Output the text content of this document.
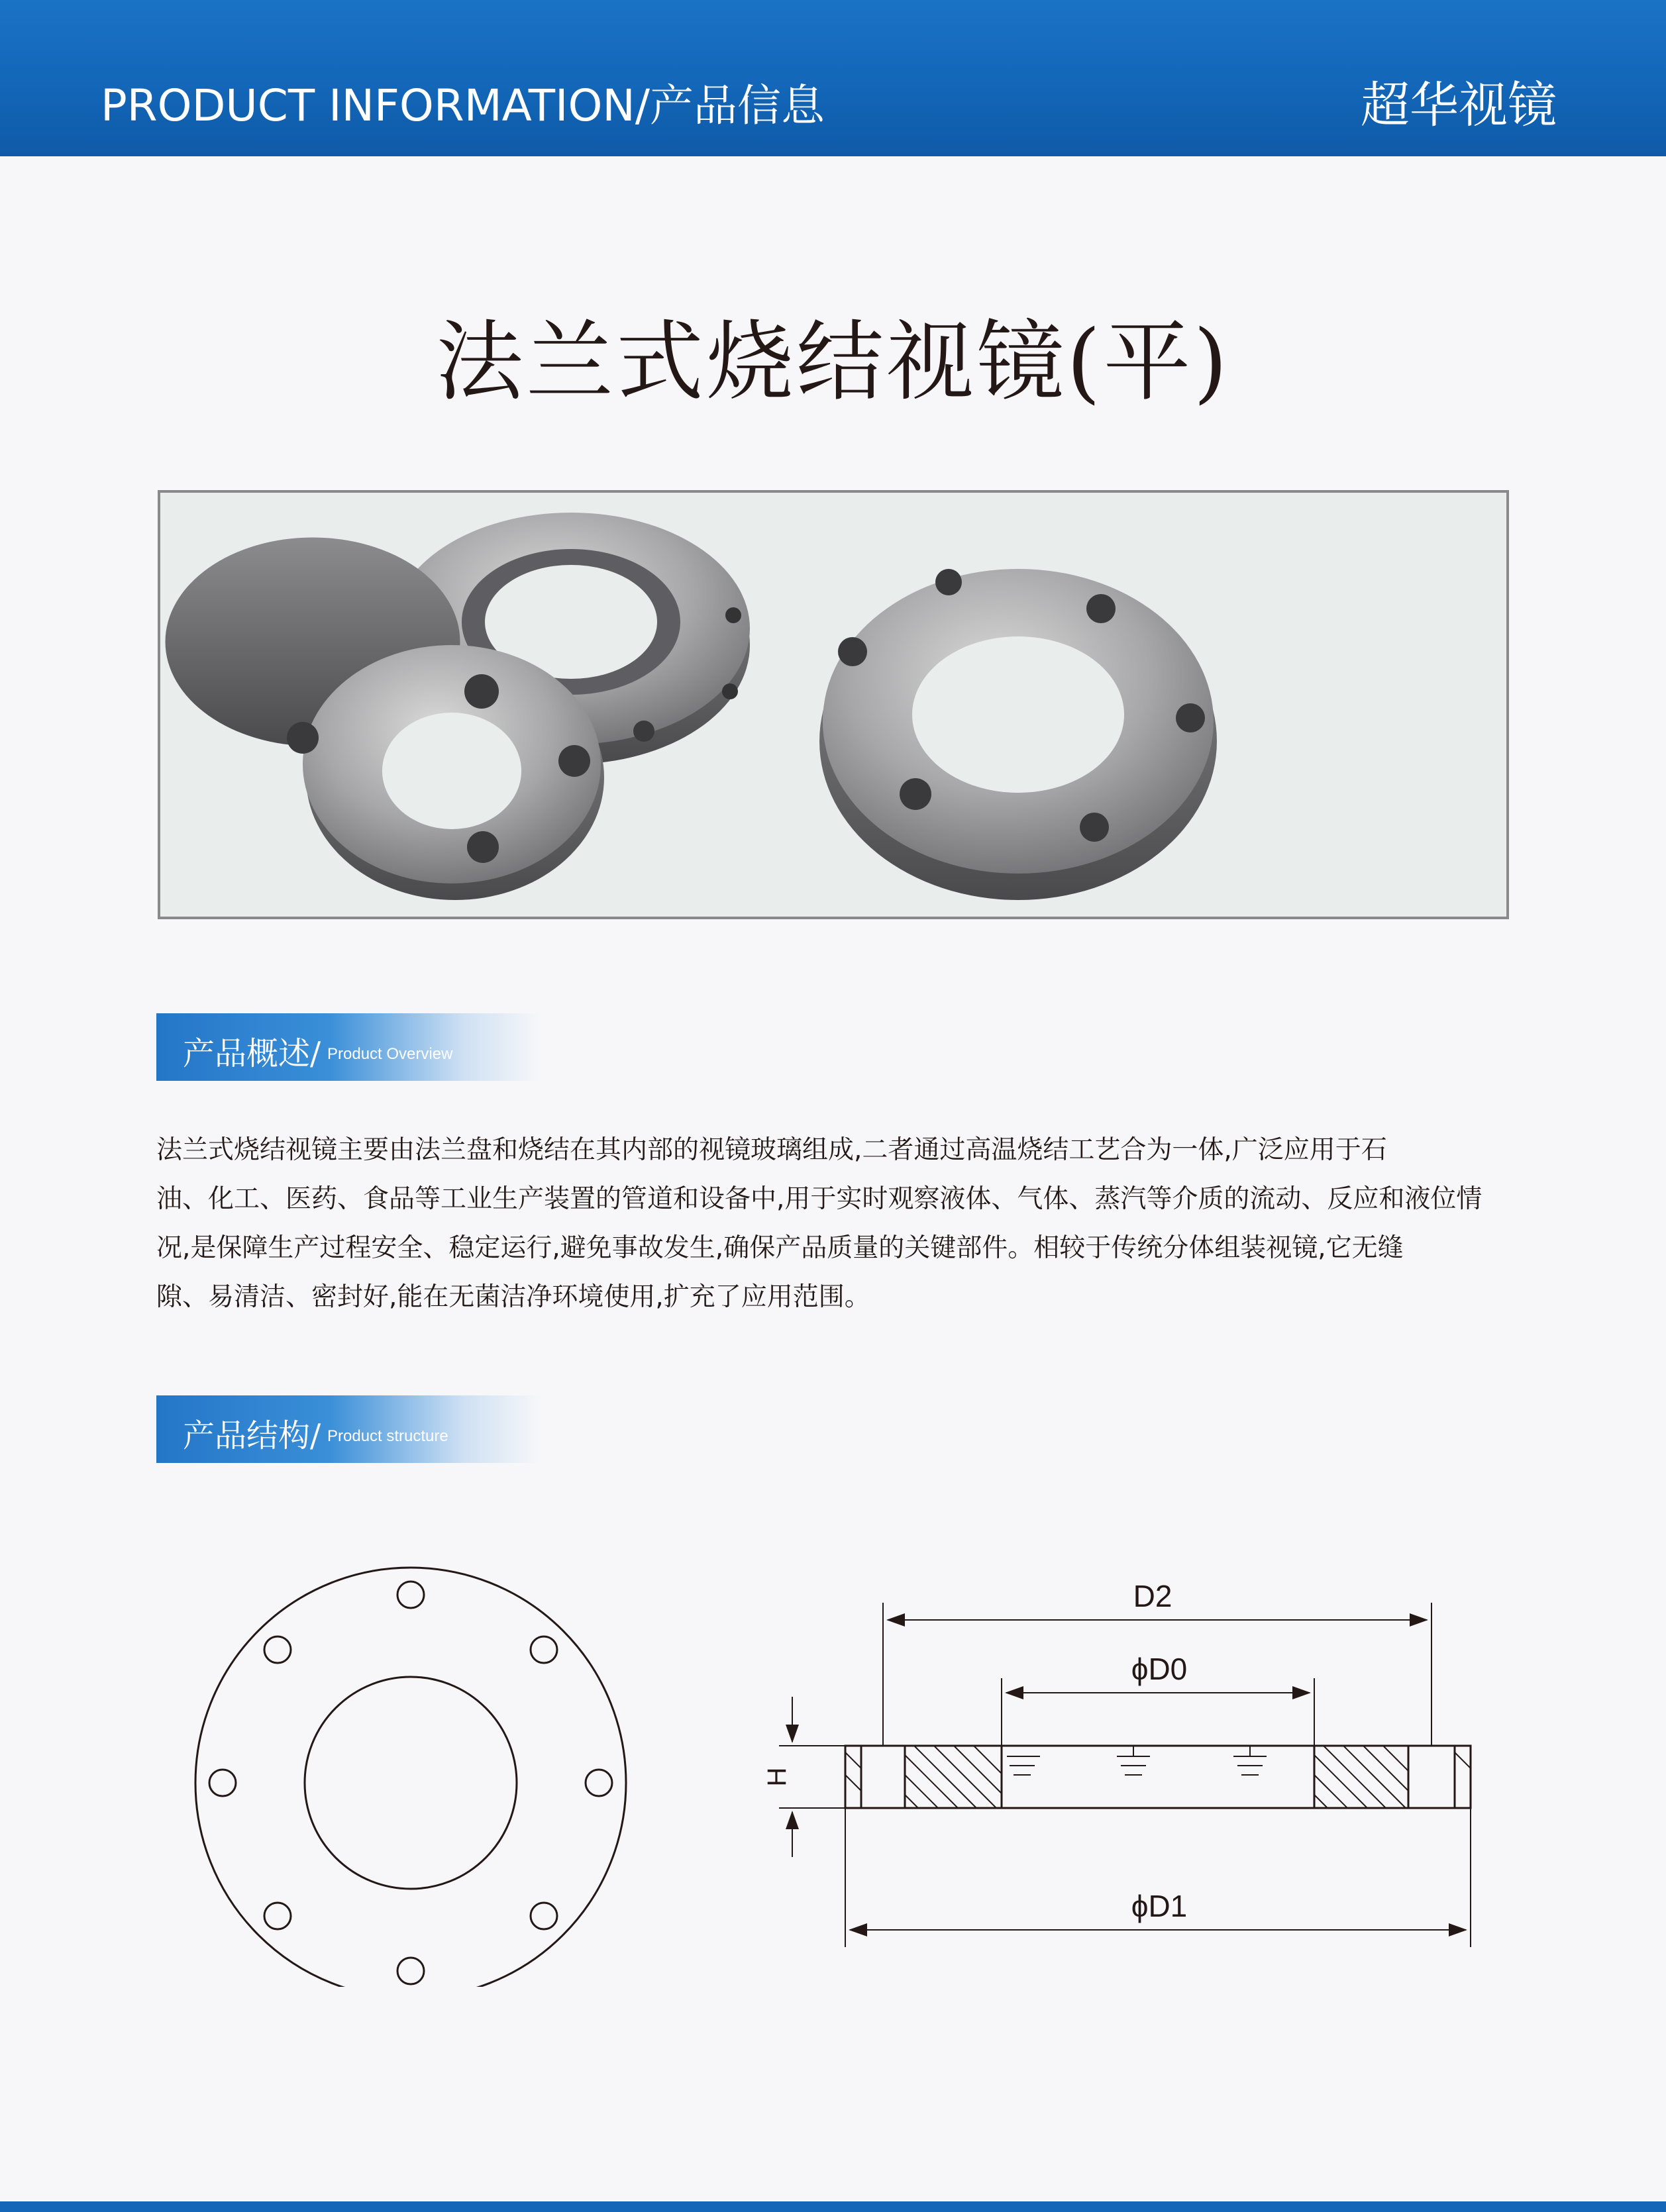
PRODUCT INFORMATION/产品信息	超华视镜
法兰式烧结视镜(平)
产品概述/ Product Overview

法兰式烧结视镜主要由法兰盘和烧结在其内部的视镜玻璃组成,二者通过高温烧结工艺合为一体,广泛应用于石

油、化工、医药、食品等工业生产装置的管道和设备中,用于实时观察液体、气体、蒸汽等介质的流动、反应和液位情

况,是保障生产过程安全、稳定运行,避免事故发生,确保产品质量的关键部件。相较于传统分体组装视镜,它无缝

隙、易清洁、密封好,能在无菌洁净环境使用,扩充了应用范围。

产品结构/ Product structure
D2
ϕD0
ϕD1
H
